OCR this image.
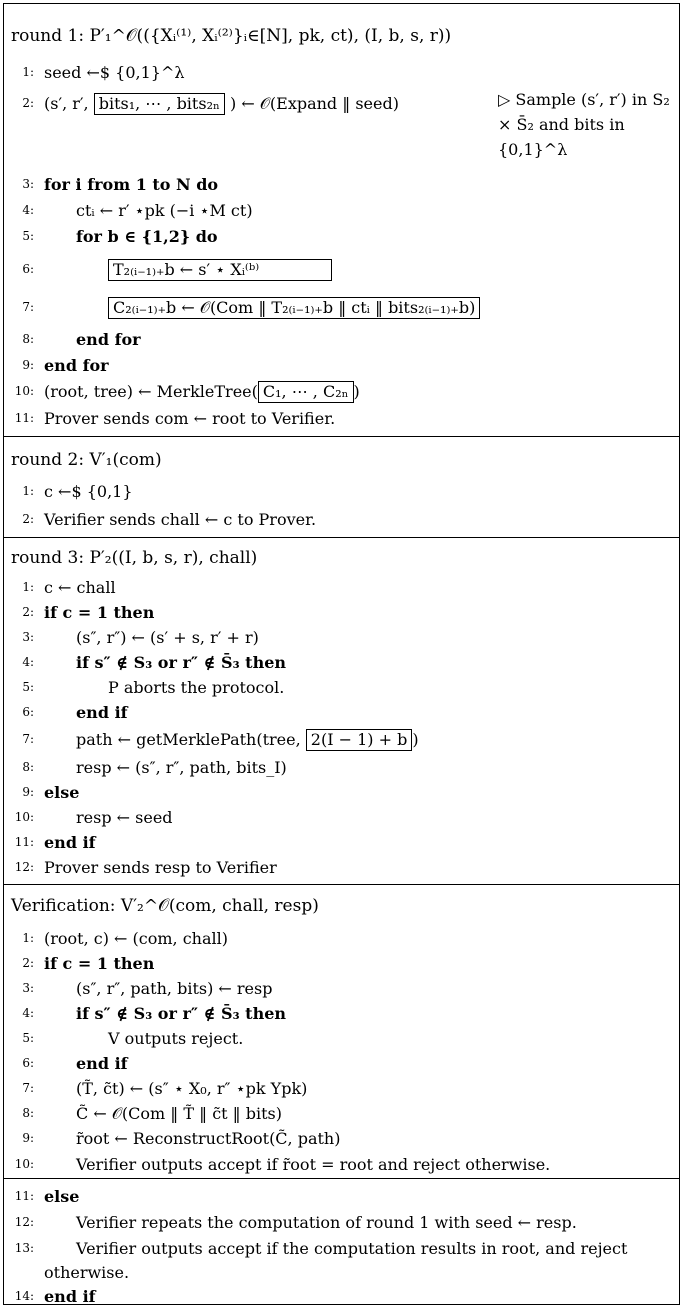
round 1: P′₁^𝒪(({Xᵢ⁽¹⁾, Xᵢ⁽²⁾}ᵢ∈[N], pk, ct), (I, b, s, r))
1: seed ←$ {0,1}^λ
2: (s′, r′, bits₁, ⋯ , bits₂ₙ ) ← 𝒪(Expand ‖ seed)	▷ Sample (s′, r′) in S₂ × S̄₂ and bits in {0,1}^λ
3: for i from 1 to N do
4:	ctᵢ ← r′ ⋆pk (−i ⋆M ct)
5:	for b ∈ {1,2} do
6:	T₂₍ᵢ₋₁₎₊b ← s′ ⋆ Xᵢ⁽ᵇ⁾
7:	C₂₍ᵢ₋₁₎₊b ← 𝒪(Com ‖ T₂₍ᵢ₋₁₎₊b ‖ ctᵢ ‖ bits₂₍ᵢ₋₁₎₊b)
8:	end for
9: end for
10: (root, tree) ← MerkleTree( C₁, ⋯ , C₂ₙ )
11: Prover sends com ← root to Verifier.
round 2: V′₁(com)
1: c ←$ {0,1}
2: Verifier sends chall ← c to Prover.
round 3: P′₂((I, b, s, r), chall)
1: c ← chall
2: if c = 1 then
3:	(s″, r″) ← (s′ + s, r′ + r)
4:	if s″ ∉ S₃ or r″ ∉ S̄₃ then
5:	P aborts the protocol.
6:	end if
7:	path ← getMerklePath(tree, 2(I − 1) + b )
8:	resp ← (s″, r″, path, bits_I)
9: else
10:	resp ← seed
11: end if
12: Prover sends resp to Verifier
Verification: V′₂^𝒪(com, chall, resp)
1: (root, c) ← (com, chall)
2: if c = 1 then
3:	(s″, r″, path, bits) ← resp
4:	if s″ ∉ S₃ or r″ ∉ S̄₃ then
5:	V outputs reject.
6:	end if
7:	(T̃, c̃t) ← (s″ ⋆ X₀, r″ ⋆pk Ypk)
8:	C̃ ← 𝒪(Com ‖ T̃ ‖ c̃t ‖ bits)
9:	r̃oot ← ReconstructRoot(C̃, path)
10:	Verifier outputs accept if r̃oot = root and reject otherwise.
11: else
12:	Verifier repeats the computation of round 1 with seed ← resp.
13:	Verifier outputs accept if the computation results in root, and reject
otherwise.
14: end if
